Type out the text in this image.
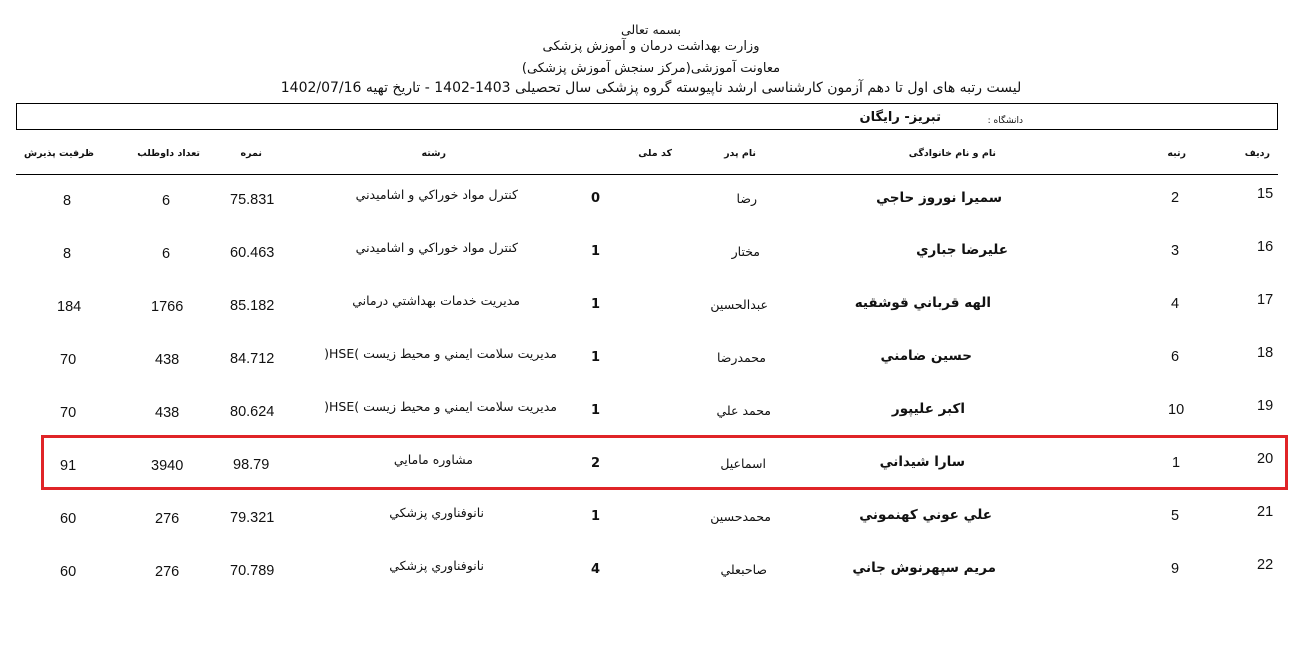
بسمه تعالی
وزارت بهداشت درمان و آموزش پزشکی
معاونت آموزشی(مرکز سنجش آموزش پزشکی)
لیست رتبه های اول تا دهم آزمون کارشناسی ارشد ناپیوسته گروه پزشکی سال تحصیلی 1403-1402 - تاریخ تهیه 1402/07/16
دانشگاه :
تبریز- رایگان
ردیف
رتبه
نام و نام خانوادگی
نام پدر
کد ملی
رشته
نمره
تعداد داوطلب
ظرفیت پذیرش
15
2
سميرا نوروز حاجي
رضا
0
كنترل مواد خوراكي و اشاميدني
75.831
6
8
16
3
عليرضا جباري
مختار
1
كنترل مواد خوراكي و اشاميدني
60.463
6
8
17
4
الهه قرباني قوشقيه
عبدالحسين
1
مديريت خدمات بهداشتي درماني
85.182
1766
184
18
6
حسين ضامني
محمدرضا
1
مديريت سلامت ايمني و محيط زيست )HSE(
84.712
438
70
19
10
اكبر عليپور
محمد علي
1
مديريت سلامت ايمني و محيط زيست )HSE(
80.624
438
70
20
1
سارا شيداني
اسماعيل
2
مشاوره مامايي
98.79
3940
91
21
5
علي عوني كهنموني
محمدحسين
1
نانوفناوري پزشكي
79.321
276
60
22
9
مريم سپهرنوش جاني
صاحبعلي
4
نانوفناوري پزشكي
70.789
276
60
